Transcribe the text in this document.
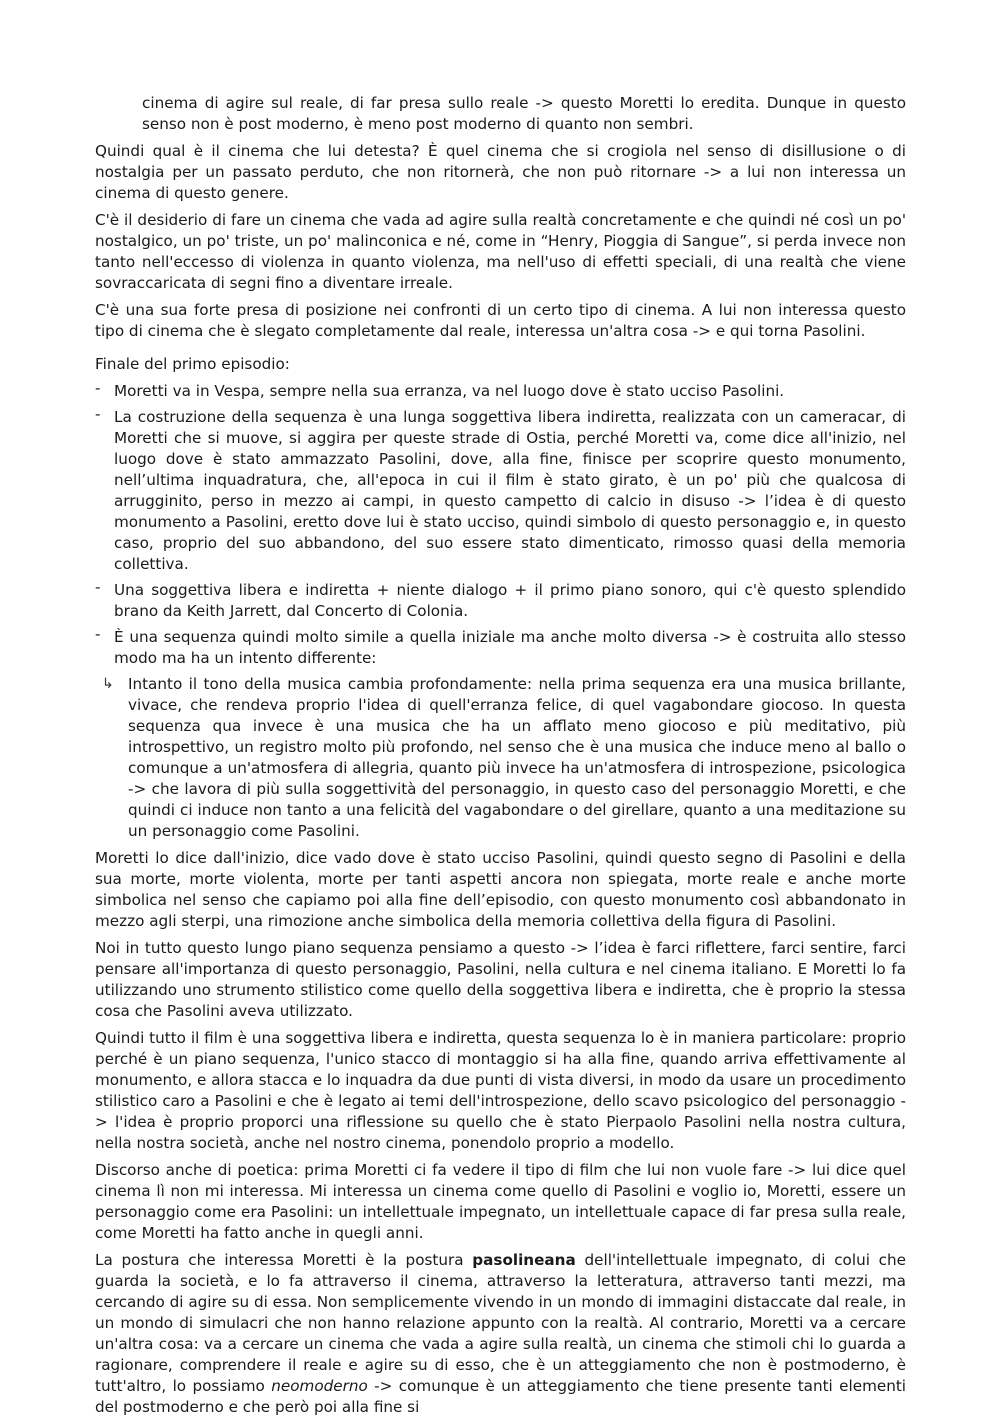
cinema di agire sul reale, di far presa sullo reale -> questo Moretti lo eredita. Dunque in questo senso non è post moderno, è meno post moderno di quanto non sembri.

Quindi qual è il cinema che lui detesta? È quel cinema che si crogiola nel senso di disillusione o di nostalgia per un passato perduto, che non ritornerà, che non può ritornare -> a lui non interessa un cinema di questo genere.

C'è il desiderio di fare un cinema che vada ad agire sulla realtà concretamente e che quindi né così un po' nostalgico, un po' triste, un po' malinconica e né, come in “Henry, Pioggia di Sangue”, si perda invece non tanto nell'eccesso di violenza in quanto violenza, ma nell'uso di effetti speciali, di una realtà che viene sovraccaricata di segni fino a diventare irreale.

C'è una sua forte presa di posizione nei confronti di un certo tipo di cinema. A lui non interessa questo tipo di cinema che è slegato completamente dal reale, interessa un'altra cosa -> e qui torna Pasolini.

Finale del primo episodio:

- Moretti va in Vespa, sempre nella sua erranza, va nel luogo dove è stato ucciso Pasolini.
- La costruzione della sequenza è una lunga soggettiva libera indiretta, realizzata con un cameracar, di Moretti che si muove, si aggira per queste strade di Ostia, perché Moretti va, come dice all'inizio, nel luogo dove è stato ammazzato Pasolini, dove, alla fine, finisce per scoprire questo monumento, nell’ultima inquadratura, che, all'epoca in cui il film è stato girato, è un po' più che qualcosa di arrugginito, perso in mezzo ai campi, in questo campetto di calcio in disuso -> l’idea è di questo monumento a Pasolini, eretto dove lui è stato ucciso, quindi simbolo di questo personaggio e, in questo caso, proprio del suo abbandono, del suo essere stato dimenticato, rimosso quasi della memoria collettiva.
- Una soggettiva libera e indiretta + niente dialogo + il primo piano sonoro, qui c'è questo splendido brano da Keith Jarrett, dal Concerto di Colonia.
- È una sequenza quindi molto simile a quella iniziale ma anche molto diversa -> è costruita allo stesso modo ma ha un intento differente:
↳ Intanto il tono della musica cambia profondamente: nella prima sequenza era una musica brillante, vivace, che rendeva proprio l'idea di quell'erranza felice, di quel vagabondare giocoso. In questa sequenza qua invece è una musica che ha un afflato meno giocoso e più meditativo, più introspettivo, un registro molto più profondo, nel senso che è una musica che induce meno al ballo o comunque a un'atmosfera di allegria, quanto più invece ha un'atmosfera di introspezione, psicologica -> che lavora di più sulla soggettività del personaggio, in questo caso del personaggio Moretti, e che quindi ci induce non tanto a una felicità del vagabondare o del girellare, quanto a una meditazione su un personaggio come Pasolini.

Moretti lo dice dall'inizio, dice vado dove è stato ucciso Pasolini, quindi questo segno di Pasolini e della sua morte, morte violenta, morte per tanti aspetti ancora non spiegata, morte reale e anche morte simbolica nel senso che capiamo poi alla fine dell’episodio, con questo monumento così abbandonato in mezzo agli sterpi, una rimozione anche simbolica della memoria collettiva della figura di Pasolini.

Noi in tutto questo lungo piano sequenza pensiamo a questo -> l’idea è farci riflettere, farci sentire, farci pensare all'importanza di questo personaggio, Pasolini, nella cultura e nel cinema italiano. E Moretti lo fa utilizzando uno strumento stilistico come quello della soggettiva libera e indiretta, che è proprio la stessa cosa che Pasolini aveva utilizzato.

Quindi tutto il film è una soggettiva libera e indiretta, questa sequenza lo è in maniera particolare: proprio perché è un piano sequenza, l'unico stacco di montaggio si ha alla fine, quando arriva effettivamente al monumento, e allora stacca e lo inquadra da due punti di vista diversi, in modo da usare un procedimento stilistico caro a Pasolini e che è legato ai temi dell'introspezione, dello scavo psicologico del personaggio -> l'idea è proprio proporci una riflessione su quello che è stato Pierpaolo Pasolini nella nostra cultura, nella nostra società, anche nel nostro cinema, ponendolo proprio a modello.

Discorso anche di poetica: prima Moretti ci fa vedere il tipo di film che lui non vuole fare -> lui dice quel cinema lì non mi interessa. Mi interessa un cinema come quello di Pasolini e voglio io, Moretti, essere un personaggio come era Pasolini: un intellettuale impegnato, un intellettuale capace di far presa sulla reale, come Moretti ha fatto anche in quegli anni.

La postura che interessa Moretti è la postura pasolineana dell'intellettuale impegnato, di colui che guarda la società, e lo fa attraverso il cinema, attraverso la letteratura, attraverso tanti mezzi, ma cercando di agire su di essa. Non semplicemente vivendo in un mondo di immagini distaccate dal reale, in un mondo di simulacri che non hanno relazione appunto con la realtà. Al contrario, Moretti va a cercare un'altra cosa: va a cercare un cinema che vada a agire sulla realtà, un cinema che stimoli chi lo guarda a ragionare, comprendere il reale e agire su di esso, che è un atteggiamento che non è postmoderno, è tutt'altro, lo possiamo neomoderno -> comunque è un atteggiamento che tiene presente tanti elementi del postmoderno e che però poi alla fine si
